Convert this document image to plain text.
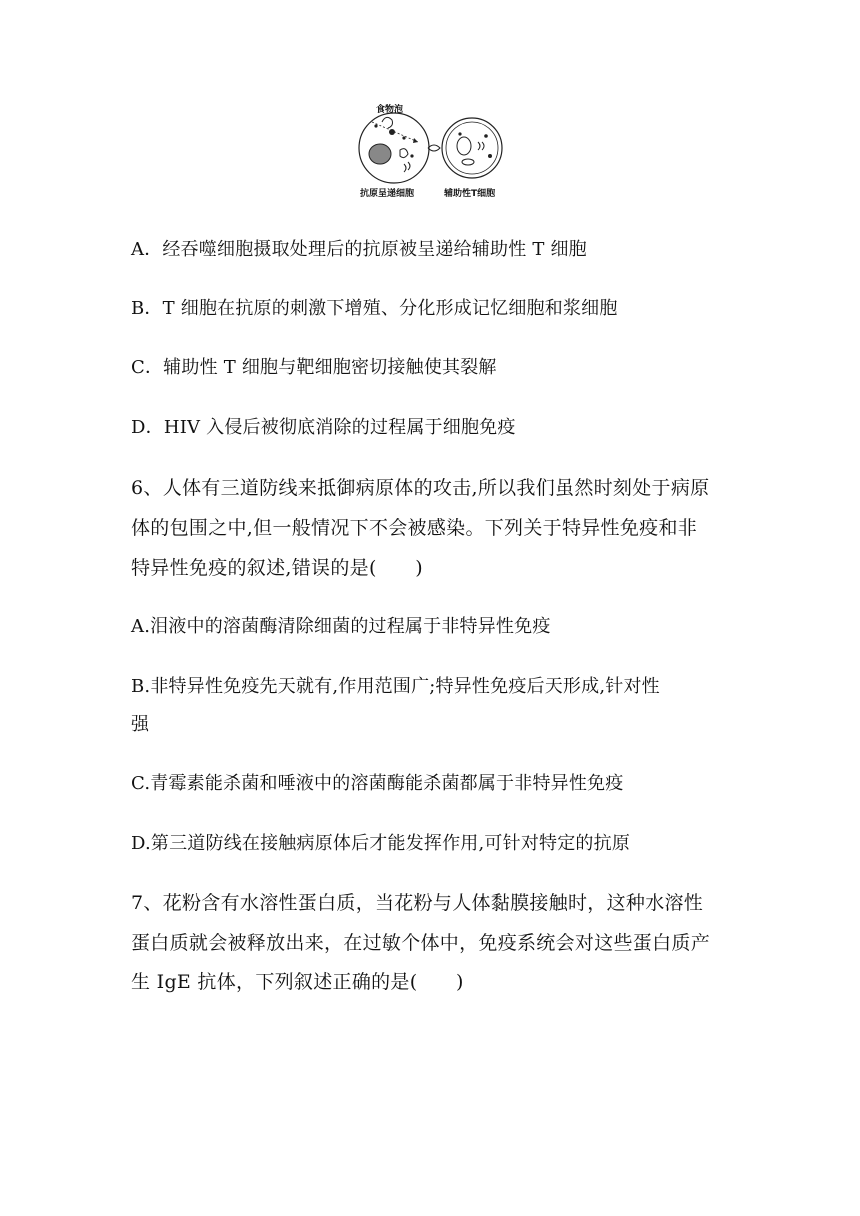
食物泡
抗原呈递细胞	辅助性T细胞
A．经吞噬细胞摄取处理后的抗原被呈递给辅助性 T 细胞
B．T 细胞在抗原的刺激下增殖、分化形成记忆细胞和浆细胞
C．辅助性 T 细胞与靶细胞密切接触使其裂解
D．HIV 入侵后被彻底消除的过程属于细胞免疫
6、人体有三道防线来抵御病原体的攻击,所以我们虽然时刻处于病原
体的包围之中,但一般情况下不会被感染。下列关于特异性免疫和非
特异性免疫的叙述,错误的是(　　)
A.泪液中的溶菌酶清除细菌的过程属于非特异性免疫
B.非特异性免疫先天就有,作用范围广;特异性免疫后天形成,针对性
强
C.青霉素能杀菌和唾液中的溶菌酶能杀菌都属于非特异性免疫
D.第三道防线在接触病原体后才能发挥作用,可针对特定的抗原
7、花粉含有水溶性蛋白质，当花粉与人体黏膜接触时，这种水溶性
蛋白质就会被释放出来，在过敏个体中，免疫系统会对这些蛋白质产
生 IgE 抗体，下列叙述正确的是(　　)
